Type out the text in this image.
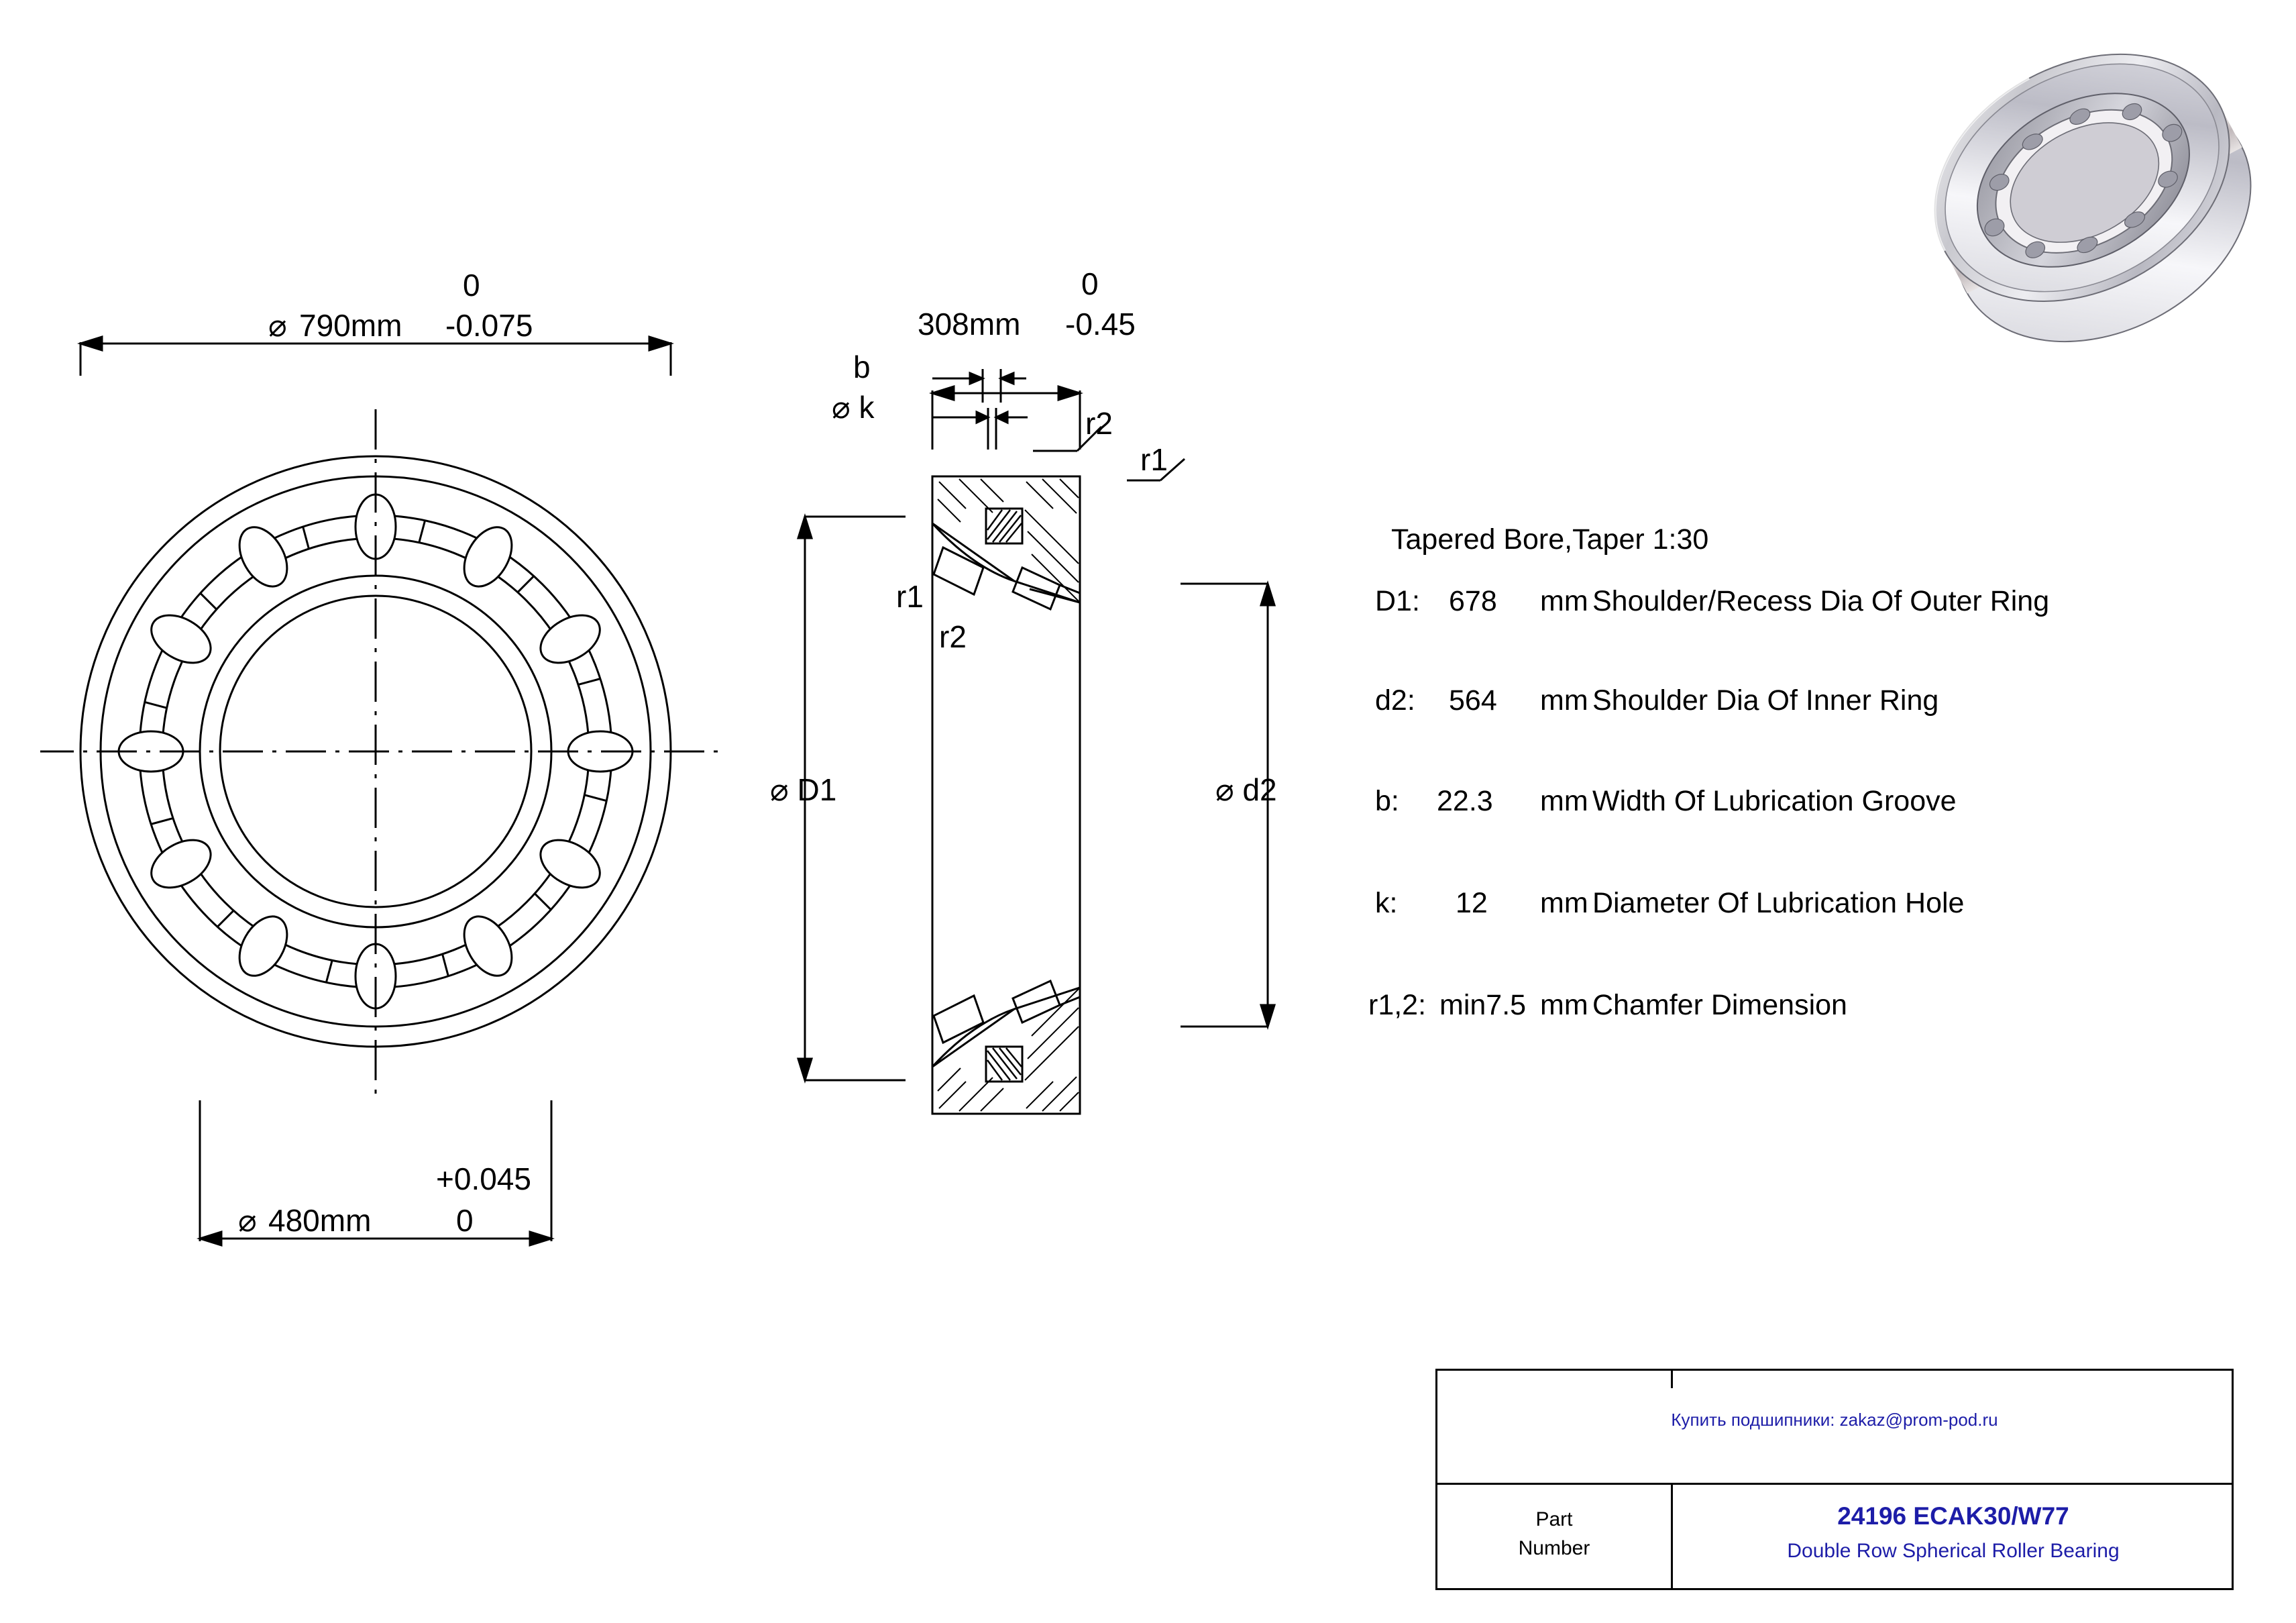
0
⌀ 790mm -0.075
+0.045
⌀ 480mm	0
0
308mm -0.45
b
⌀ k	r2
r1
r1
r2
⌀ D1	⌀ d2
Tapered Bore,Taper 1:30
D1: 678 mm Shoulder/Recess Dia Of Outer Ring
d2: 564 mm Shoulder Dia Of Inner Ring
b: 22.3 mm Width Of Lubrication Groove
k: 12 mm Diameter Of Lubrication Hole
r1,2: min7.5 mm Chamfer Dimension
Купить подшипники: zakaz@prom-pod.ru
Part
Number
24196 ECAK30/W77
Double Row Spherical Roller Bearing
